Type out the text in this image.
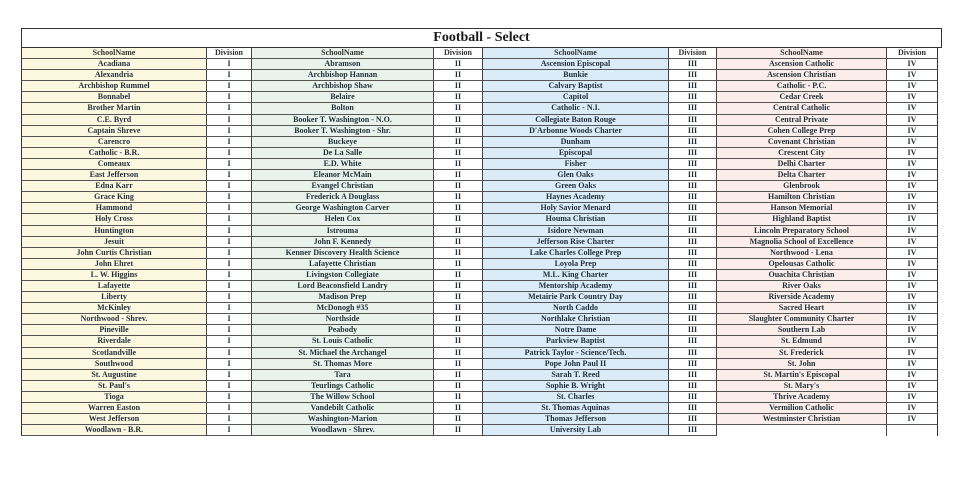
Football - Select
SchoolName	Division
Acadiana	I
Alexandria	I
Archbishop Rummel	I
Bonnabel	I
Brother Martin	I
C.E. Byrd	I
Captain Shreve	I
Carencro	I
Catholic - B.R.	I
Comeaux	I
East Jefferson	I
Edna Karr	I
Grace King	I
Hammond	I
Holy Cross	I
Huntington	I
Jesuit	I
John Curtis Christian	I
John Ehret	I
L. W. Higgins	I
Lafayette	I
Liberty	I
McKinley	I
Northwood - Shrev.	I
Pineville	I
Riverdale	I
Scotlandville	I
Southwood	I
St. Augustine	I
St. Paul's	I
Tioga	I
Warren Easton	I
West Jefferson	I
Woodlawn - B.R.	I
SchoolName	Division
Abramson	II
Archbishop Hannan	II
Archbishop Shaw	II
Belaire	II
Bolton	II
Booker T. Washington - N.O.	II
Booker T. Washington - Shr.	II
Buckeye	II
De La Salle	II
E.D. White	II
Eleanor McMain	II
Evangel Christian	II
Frederick A Douglass	II
George Washington Carver	II
Helen Cox	II
Istrouma	II
John F. Kennedy	II
Kenner Discovery Health Science	II
Lafayette Christian	II
Livingston Collegiate	II
Lord Beaconsfield Landry	II
Madison Prep	II
McDonogh #35	II
Northside	II
Peabody	II
St. Louis Catholic	II
St. Michael the Archangel	II
St. Thomas More	II
Tara	II
Teurlings Catholic	II
The Willow School	II
Vandebilt Catholic	II
Washington-Marion	II
Woodlawn - Shrev.	II
SchoolName	Division
Ascension Episcopal	III
Bunkie	III
Calvary Baptist	III
Capitol	III
Catholic - N.I.	III
Collegiate Baton Rouge	III
D'Arbonne Woods Charter	III
Dunham	III
Episcopal	III
Fisher	III
Glen Oaks	III
Green Oaks	III
Haynes Academy	III
Holy Savior Menard	III
Houma Christian	III
Isidore Newman	III
Jefferson Rise Charter	III
Lake Charles College Prep	III
Loyola Prep	III
M.L. King Charter	III
Mentorship Academy	III
Metairie Park Country Day	III
North Caddo	III
Northlake Christian	III
Notre Dame	III
Parkview Baptist	III
Patrick Taylor - Science/Tech.	III
Pope John Paul II	III
Sarah T. Reed	III
Sophie B. Wright	III
St. Charles	III
St. Thomas Aquinas	III
Thomas Jefferson	III
University Lab	III
SchoolName	Division
Ascension Catholic	IV
Ascension Christian	IV
Catholic - P.C.	IV
Cedar Creek	IV
Central Catholic	IV
Central Private	IV
Cohen College Prep	IV
Covenant Christian	IV
Crescent City	IV
Delhi Charter	IV
Delta Charter	IV
Glenbrook	IV
Hamilton Christian	IV
Hanson Memorial	IV
Highland Baptist	IV
Lincoln Preparatory School	IV
Magnolia School of Excellence	IV
Northwood - Lena	IV
Opelousas Catholic	IV
Ouachita Christian	IV
River Oaks	IV
Riverside Academy	IV
Sacred Heart	IV
Slaughter Community Charter	IV
Southern Lab	IV
St. Edmund	IV
St. Frederick	IV
St. John	IV
St. Martin's Episcopal	IV
St. Mary's	IV
Thrive Academy	IV
Vermilion Catholic	IV
Westminster Christian	IV
